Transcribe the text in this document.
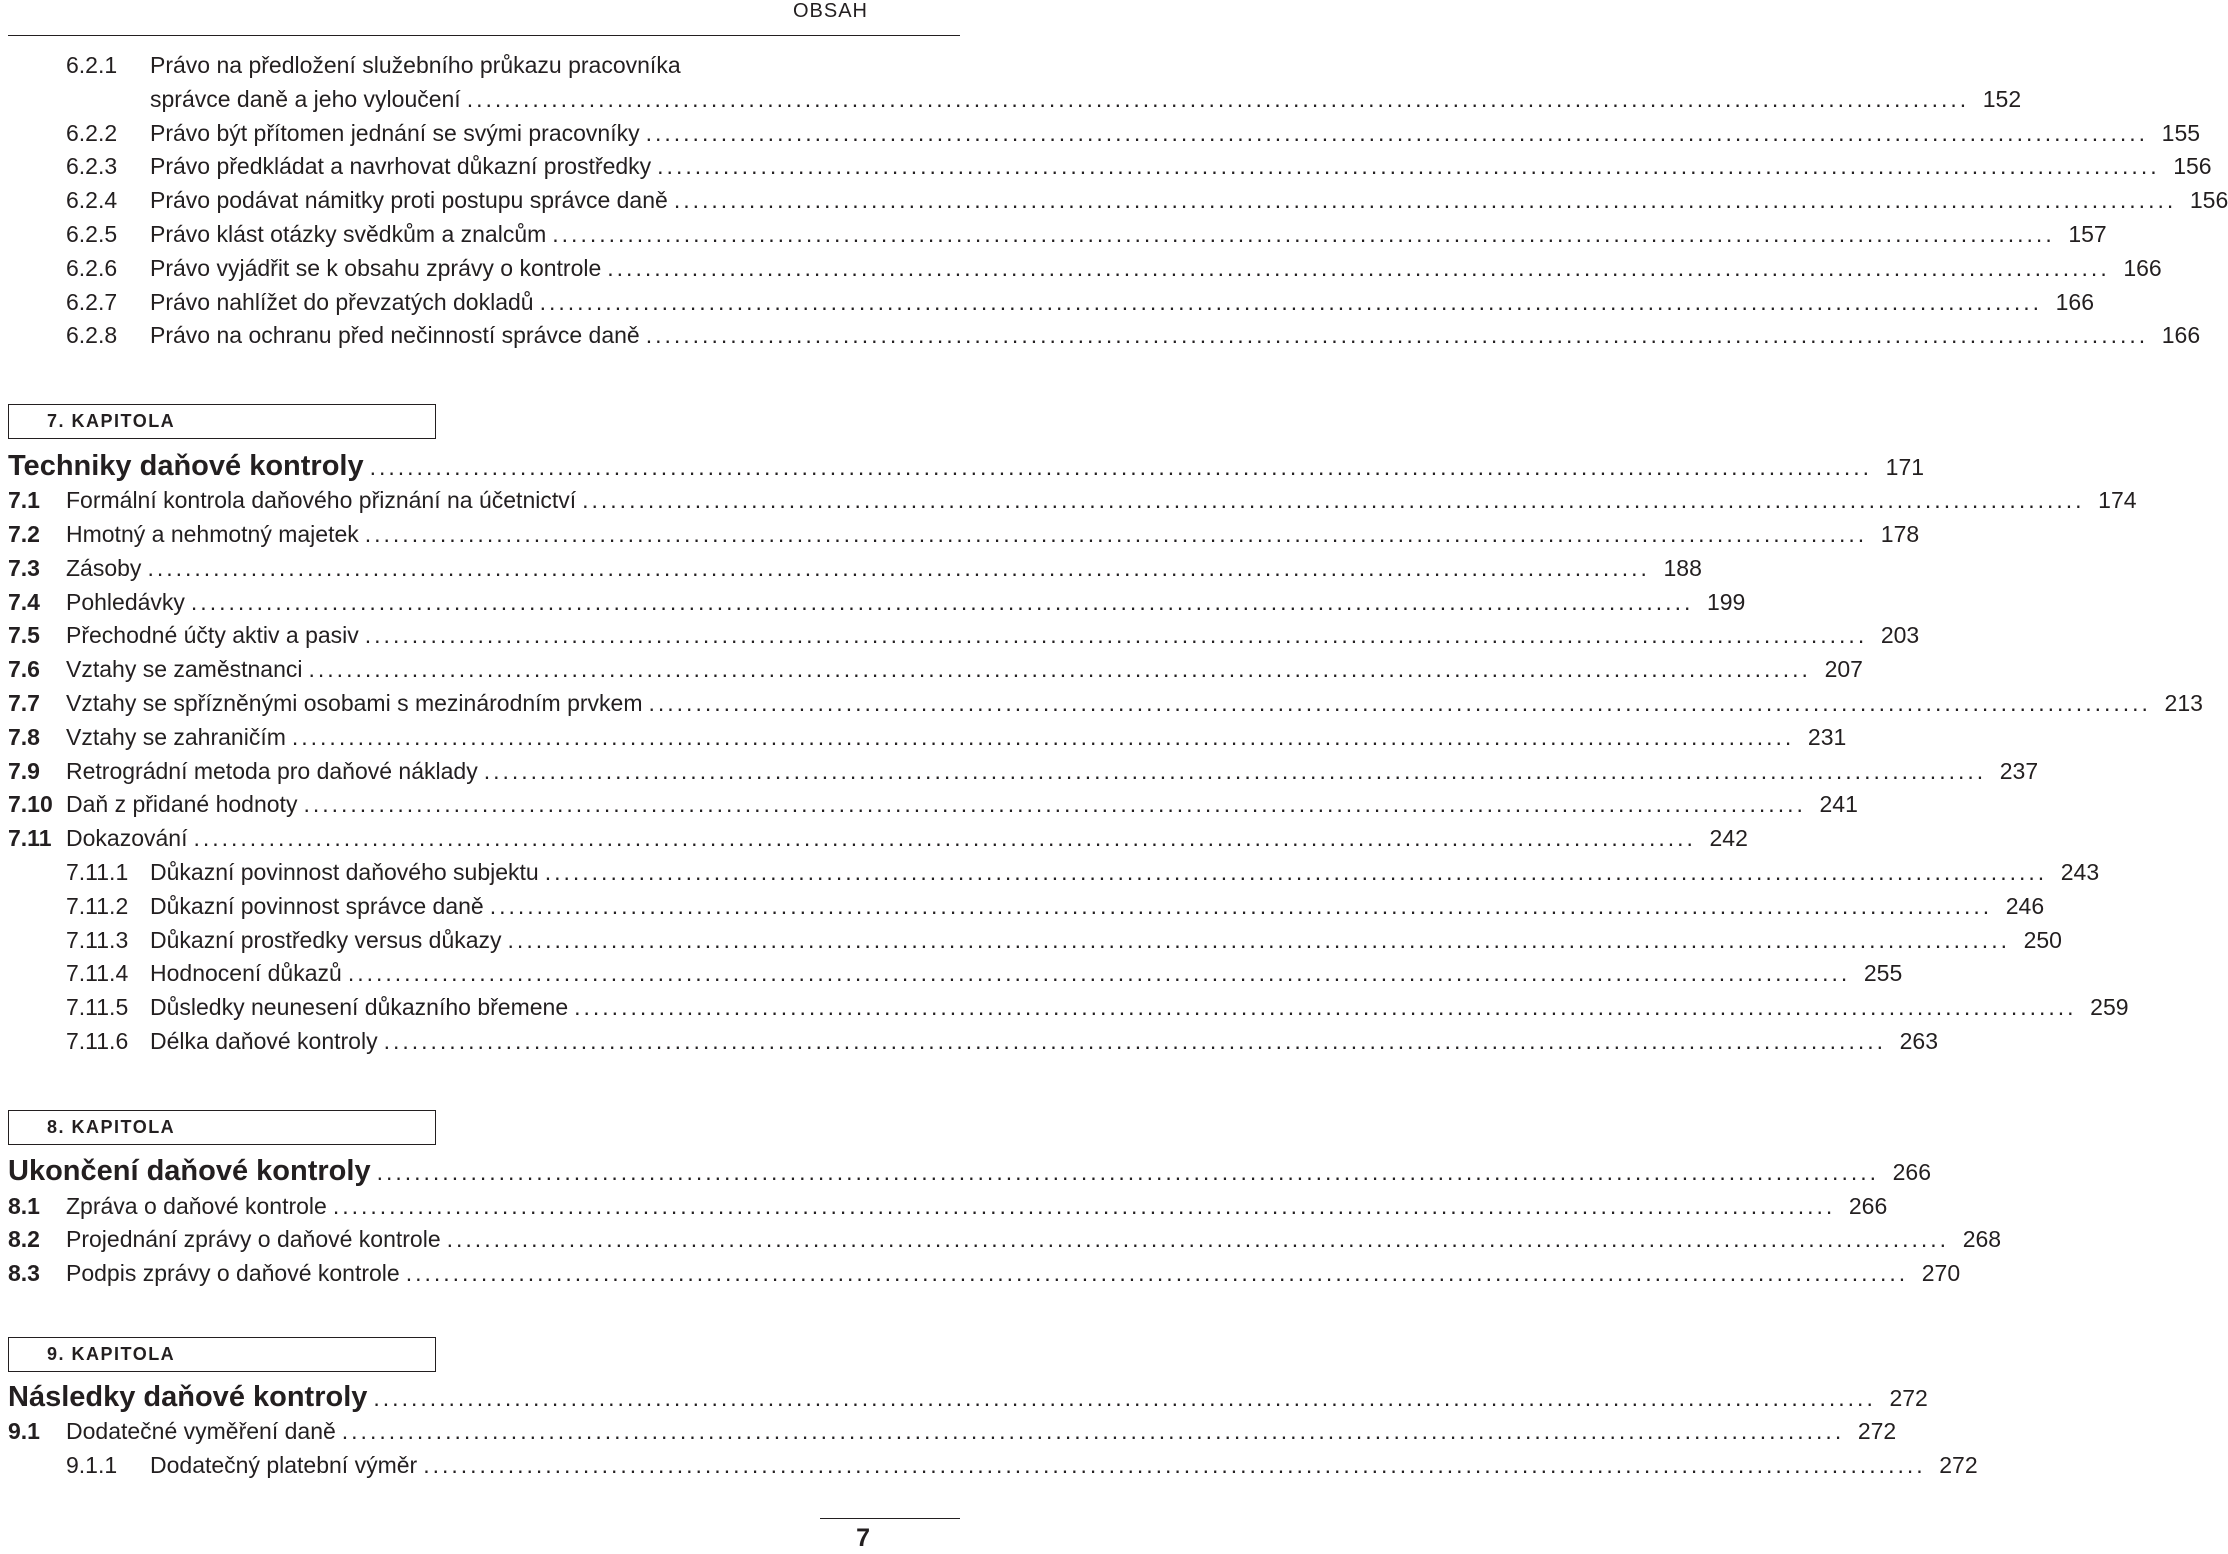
OBSAH
6.2.1 Právo na předložení služebního průkazu pracovníka
správce daně a jeho vyloučení ................................................................................................................................................................ 152
6.2.2 Právo být přítomen jednání se svými pracovníky ................................................................................................................................................................ 155
6.2.3 Právo předkládat a navrhovat důkazní prostředky ................................................................................................................................................................ 156
6.2.4 Právo podávat námitky proti postupu správce daně ................................................................................................................................................................ 156
6.2.5 Právo klást otázky svědkům a znalcům ................................................................................................................................................................ 157
6.2.6 Právo vyjádřit se k obsahu zprávy o kontrole ................................................................................................................................................................ 166
6.2.7 Právo nahlížet do převzatých dokladů ................................................................................................................................................................ 166
6.2.8 Právo na ochranu před nečinností správce daně ................................................................................................................................................................ 166
7. KAPITOLA
Techniky daňové kontroly ................................................................................................................................................................ 171
7.1 Formální kontrola daňového přiznání na účetnictví ................................................................................................................................................................ 174
7.2 Hmotný a nehmotný majetek ................................................................................................................................................................ 178
7.3 Zásoby ................................................................................................................................................................ 188
7.4 Pohledávky ................................................................................................................................................................ 199
7.5 Přechodné účty aktiv a pasiv ................................................................................................................................................................ 203
7.6 Vztahy se zaměstnanci ................................................................................................................................................................ 207
7.7 Vztahy se spřízněnými osobami s mezinárodním prvkem ................................................................................................................................................................ 213
7.8 Vztahy se zahraničím ................................................................................................................................................................ 231
7.9 Retrográdní metoda pro daňové náklady ................................................................................................................................................................ 237
7.10 Daň z přidané hodnoty ................................................................................................................................................................ 241
7.11 Dokazování ................................................................................................................................................................ 242
7.11.1 Důkazní povinnost daňového subjektu ................................................................................................................................................................ 243
7.11.2 Důkazní povinnost správce daně ................................................................................................................................................................ 246
7.11.3 Důkazní prostředky versus důkazy ................................................................................................................................................................ 250
7.11.4 Hodnocení důkazů ................................................................................................................................................................ 255
7.11.5 Důsledky neunesení důkazního břemene ................................................................................................................................................................ 259
7.11.6 Délka daňové kontroly ................................................................................................................................................................ 263
8. KAPITOLA
Ukončení daňové kontroly ................................................................................................................................................................ 266
8.1 Zpráva o daňové kontrole ................................................................................................................................................................ 266
8.2 Projednání zprávy o daňové kontrole ................................................................................................................................................................ 268
8.3 Podpis zprávy o daňové kontrole ................................................................................................................................................................ 270
9. KAPITOLA
Následky daňové kontroly ................................................................................................................................................................ 272
9.1 Dodatečné vyměření daně ................................................................................................................................................................ 272
9.1.1 Dodatečný platební výměr ................................................................................................................................................................ 272
7
